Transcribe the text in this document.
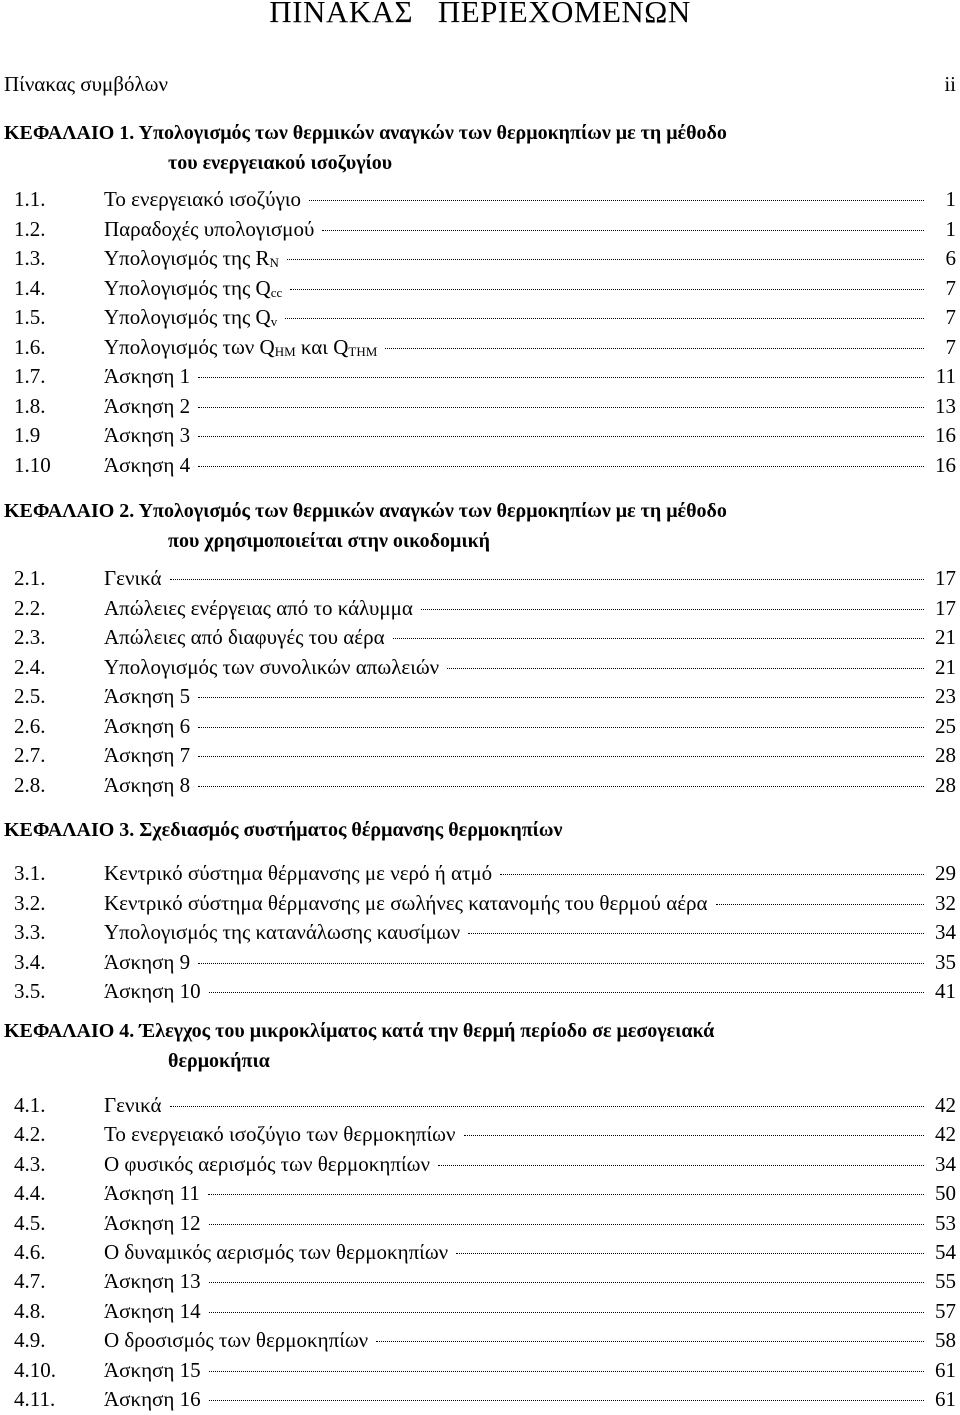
ΠΙΝΑΚΑΣ   ΠΕΡΙΕΧΟΜΕΝΩΝ
Πίνακας συμβόλων	ii
ΚΕΦΑΛΑΙΟ 1. Υπολογισμός των θερμικών αναγκών των θερμοκηπίων με τη μέθοδο
του ενεργειακού ισοζυγίου
1.1.	Το ενεργειακό ισοζύγιο	1
1.2.	Παραδοχές υπολογισμού	1
1.3.	Υπολογισμός της $R_N$	6
1.4.	Υπολογισμός της $Q_{cc}$	7
1.5.	Υπολογισμός της $Q_v$	7
1.6.	Υπολογισμός των $Q_{HM}$ και $Q_{THM}$	7
1.7.	Άσκηση 1	11
1.8.	Άσκηση 2	13
1.9	Άσκηση 3	16
1.10	Άσκηση 4	16
ΚΕΦΑΛΑΙΟ 2. Υπολογισμός των θερμικών αναγκών των θερμοκηπίων με τη μέθοδο
που χρησιμοποιείται στην οικοδομική
2.1.	Γενικά	17
2.2.	Απώλειες ενέργειας από το κάλυμμα	17
2.3.	Απώλειες από διαφυγές του αέρα	21
2.4.	Υπολογισμός των συνολικών απωλειών	21
2.5.	Άσκηση 5	23
2.6.	Άσκηση 6	25
2.7.	Άσκηση 7	28
2.8.	Άσκηση 8	28
ΚΕΦΑΛΑΙΟ 3. Σχεδιασμός συστήματος θέρμανσης θερμοκηπίων
3.1.	Κεντρικό σύστημα θέρμανσης με νερό ή ατμό	29
3.2.	Κεντρικό σύστημα θέρμανσης με σωλήνες κατανομής του θερμού αέρα	32
3.3.	Υπολογισμός της κατανάλωσης καυσίμων	34
3.4.	Άσκηση 9	35
3.5.	Άσκηση 10	41
ΚΕΦΑΛΑΙΟ 4. Έλεγχος του μικροκλίματος κατά την θερμή περίοδο σε μεσογειακά
θερμοκήπια
4.1.	Γενικά	42
4.2.	Το ενεργειακό ισοζύγιο των θερμοκηπίων	42
4.3.	Ο φυσικός αερισμός των θερμοκηπίων	34
4.4.	Άσκηση 11	50
4.5.	Άσκηση 12	53
4.6.	Ο δυναμικός αερισμός των θερμοκηπίων	54
4.7.	Άσκηση 13	55
4.8.	Άσκηση 14	57
4.9.	Ο δροσισμός των θερμοκηπίων	58
4.10.	Άσκηση 15	61
4.11.	Άσκηση 16	61
